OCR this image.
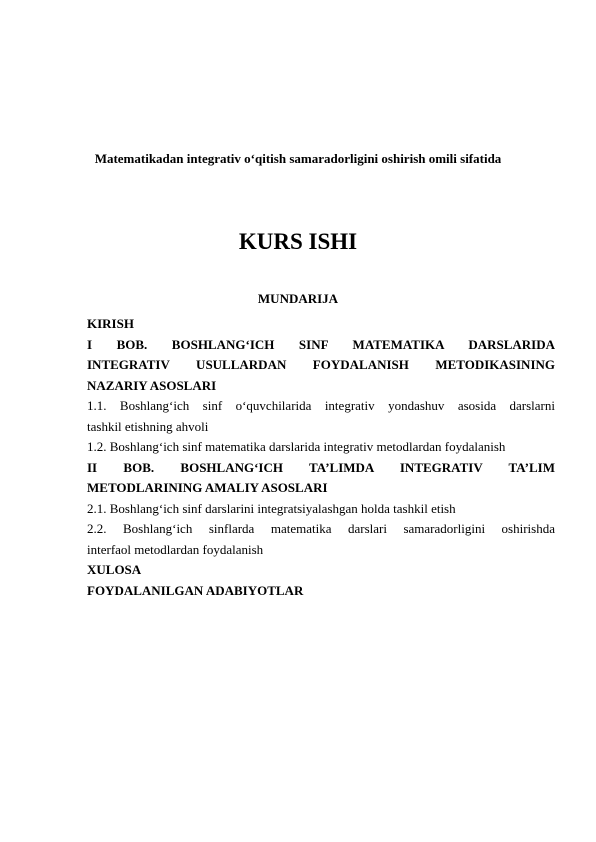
Matematikadan integrativ o‘qitish samaradorligini oshirish omili sifatida
KURS ISHI
MUNDARIJA

KIRISH

I BOB. BOSHLANG‘ICH SINF MATEMATIKA DARSLARIDA

INTEGRATIV USULLARDAN FOYDALANISH METODIKASINING

NAZARIY ASOSLARI

1.1. Boshlang‘ich sinf o‘quvchilarida integrativ yondashuv asosida darslarni

tashkil etishning ahvoli

1.2. Boshlang‘ich sinf matematika darslarida integrativ metodlardan foydalanish

II BOB. BOSHLANG‘ICH TA’LIMDA INTEGRATIV TA’LIM

METODLARINING AMALIY ASOSLARI

2.1. Boshlang‘ich sinf darslarini integratsiyalashgan holda tashkil etish

2.2. Boshlang‘ich sinflarda matematika darslari samaradorligini oshirishda

interfaol metodlardan foydalanish

XULOSA

FOYDALANILGAN ADABIYOTLAR
